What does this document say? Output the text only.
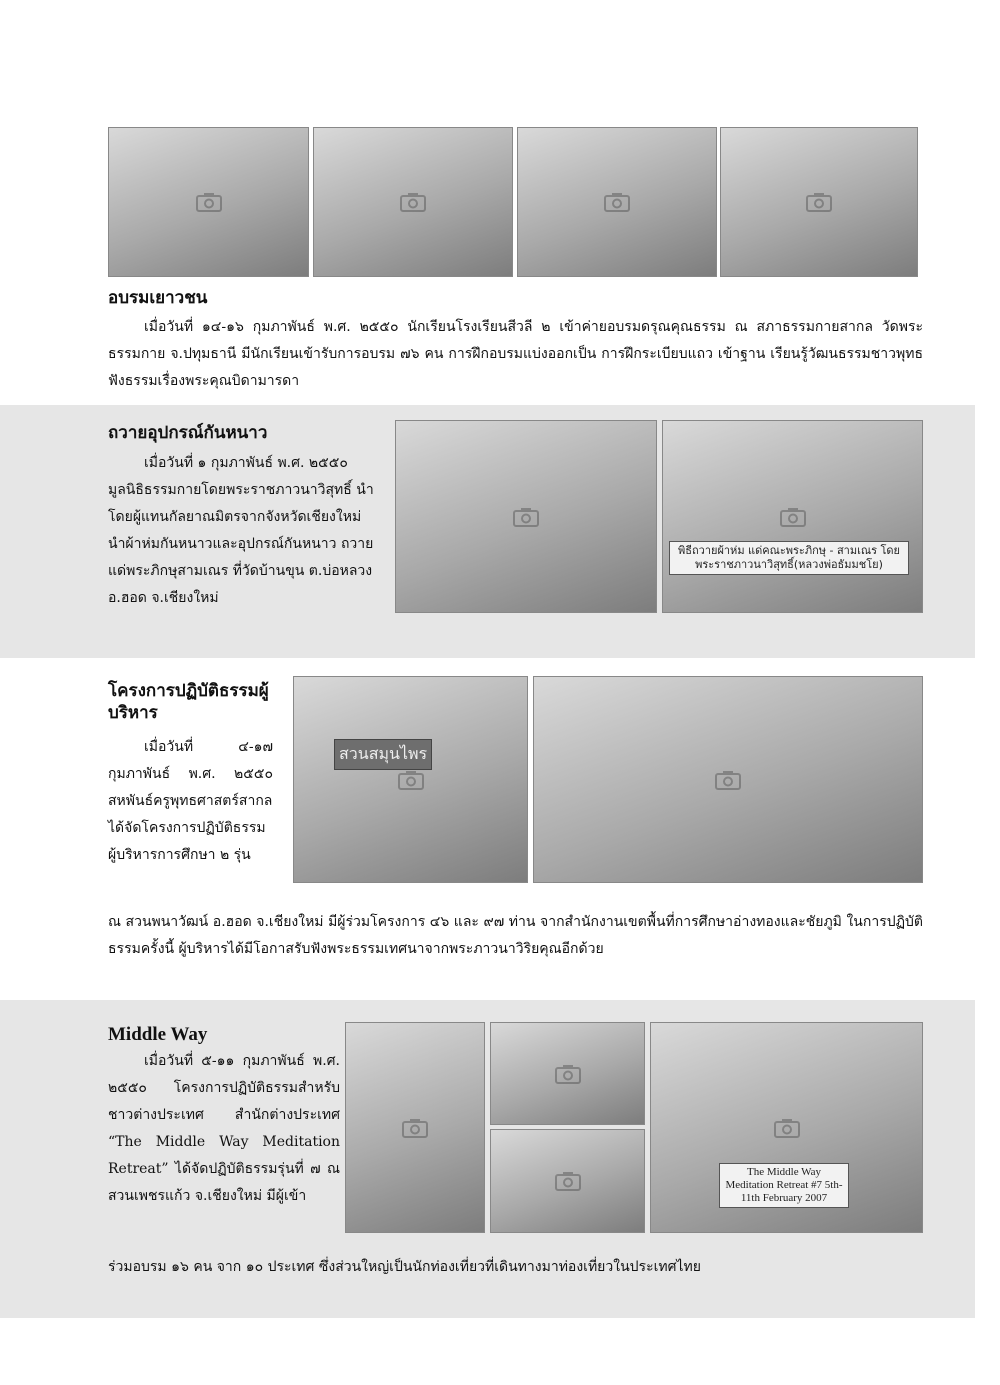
อบรมเยาวชน

เมื่อวันที่ ๑๔-๑๖ กุมภาพันธ์ พ.ศ. ๒๕๕๐ นักเรียนโรงเรียนสีวลี ๒ เข้าค่ายอบรมดรุณคุณธรรม ณ สภาธรรมกายสากล วัดพระธรรมกาย จ.ปทุมธานี มีนักเรียนเข้ารับการอบรม ๗๖ คน การฝึกอบรมแบ่งออกเป็น การฝึกระเบียบแถว เข้าฐาน เรียนรู้วัฒนธรรมชาวพุทธ ฟังธรรมเรื่องพระคุณบิดามารดา

ถวายอุปกรณ์กันหนาว

เมื่อวันที่ ๑ กุมภาพันธ์ พ.ศ. ๒๕๕๐ มูลนิธิธรรมกายโดยพระราชภาวนาวิสุทธิ์ นำโดยผู้แทนกัลยาณมิตรจากจังหวัดเชียงใหม่ นำผ้าห่มกันหนาวและอุปกรณ์กันหนาว ถวายแด่พระภิกษุสามเณร ที่วัดบ้านขุน ต.บ่อหลวง อ.ฮอด จ.เชียงใหม่

พิธีถวายผ้าห่ม แด่คณะพระภิกษุ - สามเณร โดย พระราชภาวนาวิสุทธิ์(หลวงพ่อธัมมชโย)
โครงการปฏิบัติธรรมผู้บริหาร

เมื่อวันที่ ๔-๑๗ กุมภาพันธ์ พ.ศ. ๒๕๕๐ สหพันธ์ครูพุทธศาสตร์สากล ได้จัดโครงการปฏิบัติธรรมผู้บริหารการศึกษา ๒ รุ่น

สวนสมุนไพร

ณ สวนพนาวัฒน์ อ.ฮอด จ.เชียงใหม่ มีผู้ร่วมโครงการ ๔๖ และ ๙๗ ท่าน จากสำนักงานเขตพื้นที่การศึกษาอ่างทองและชัยภูมิ ในการปฏิบัติธรรมครั้งนี้ ผู้บริหารได้มีโอกาสรับฟังพระธรรมเทศนาจากพระภาวนาวิริยคุณอีกด้วย

Middle Way

เมื่อวันที่ ๕-๑๑ กุมภาพันธ์ พ.ศ. ๒๕๕๐ โครงการปฏิบัติธรรมสำหรับชาวต่างประเทศ สำนักต่างประเทศ “The Middle Way Meditation Retreat” ได้จัดปฏิบัติธรรมรุ่นที่ ๗ ณ สวนเพชรแก้ว จ.เชียงใหม่ มีผู้เข้า

The Middle Way Meditation Retreat #7 5th-11th February 2007

ร่วมอบรม ๑๖ คน จาก ๑๐ ประเทศ ซึ่งส่วนใหญ่เป็นนักท่องเที่ยวที่เดินทางมาท่องเที่ยวในประเทศไทย
